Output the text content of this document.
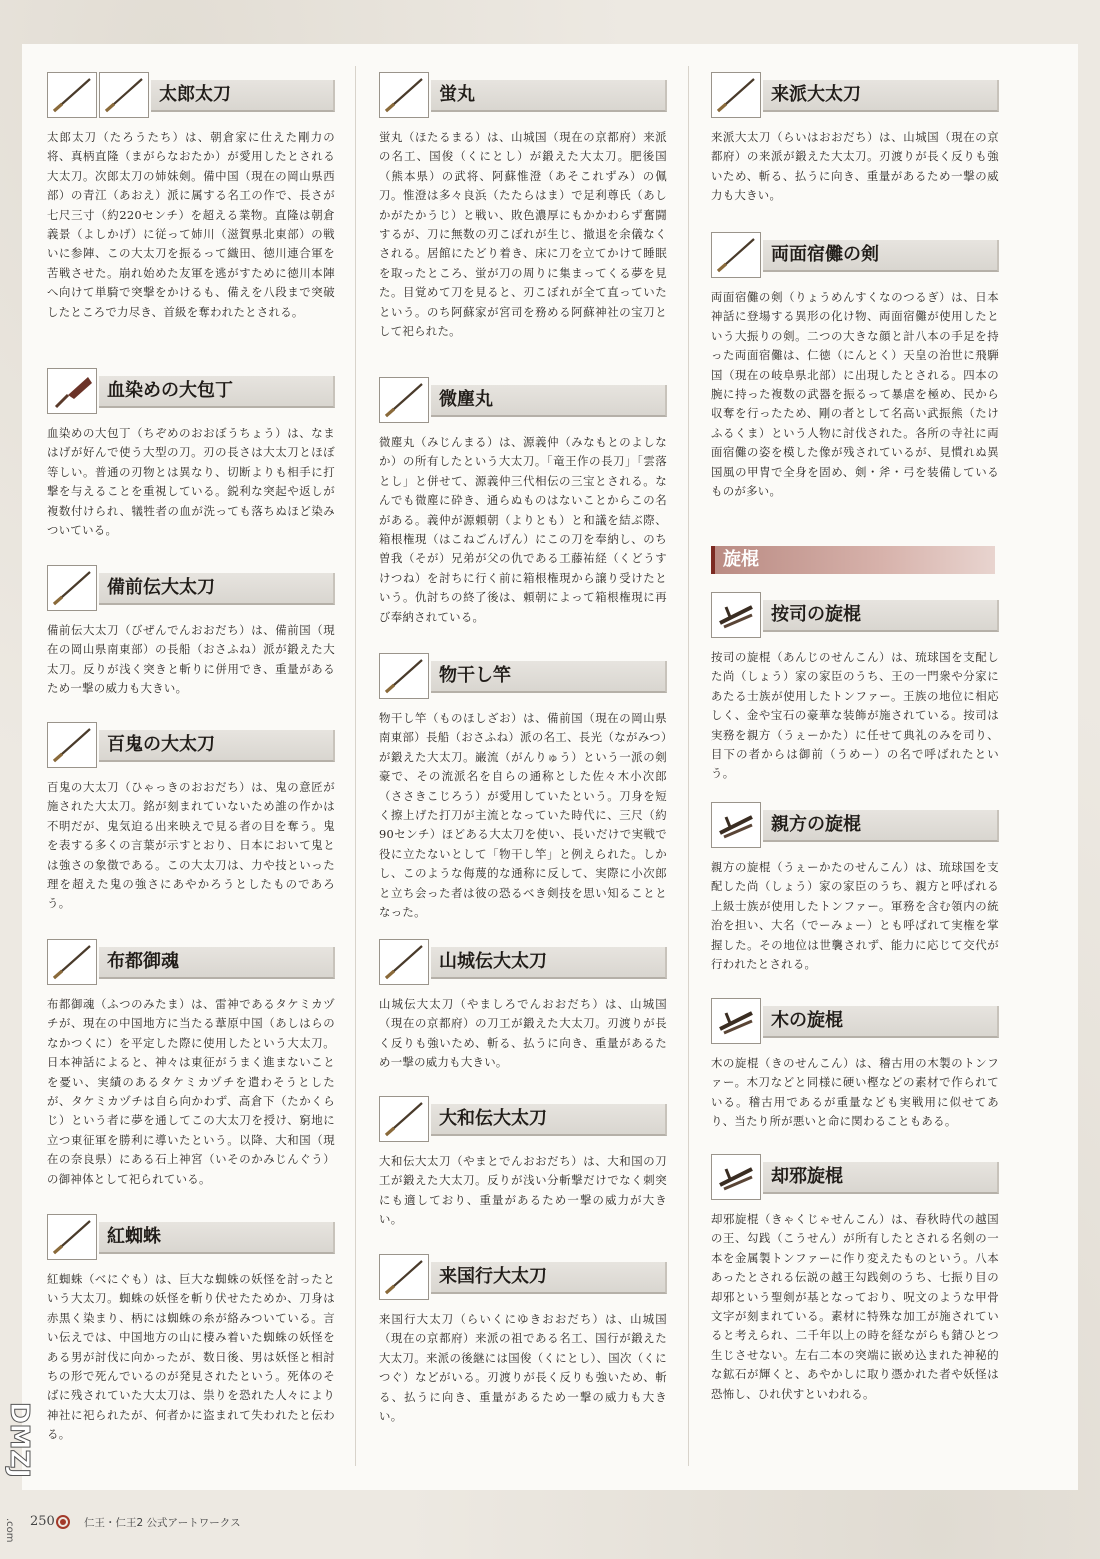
太郎太刀
太郎太刀（たろうたち）は、朝倉家に仕えた剛力の将、真柄直隆（まがらなおたか）が愛用したとされる大太刀。次郎太刀の姉妹剣。備中国（現在の岡山県西部）の青江（あおえ）派に属する名工の作で、長さが七尺三寸（約220センチ）を超える業物。直隆は朝倉義景（よしかげ）に従って姉川（滋賀県北東部）の戦いに参陣、この大太刀を振るって織田、徳川連合軍を苦戦させた。崩れ始めた友軍を逃がすために徳川本陣へ向けて単騎で突撃をかけるも、備えを八段まで突破したところで力尽き、首級を奪われたとされる。
血染めの大包丁
血染めの大包丁（ちぞめのおおぼうちょう）は、なまはげが好んで使う大型の刀。刃の長さは大太刀とほぼ等しい。普通の刃物とは異なり、切断よりも相手に打撃を与えることを重視している。鋭利な突起や返しが複数付けられ、犠牲者の血が洗っても落ちぬほど染みついている。
備前伝大太刀
備前伝大太刀（びぜんでんおおだち）は、備前国（現在の岡山県南東部）の長船（おさふね）派が鍛えた大太刀。反りが浅く突きと斬りに併用でき、重量があるため一撃の威力も大きい。
百鬼の大太刀
百鬼の大太刀（ひゃっきのおおだち）は、鬼の意匠が施された大太刀。銘が刻まれていないため誰の作かは不明だが、鬼気迫る出来映えで見る者の目を奪う。鬼を表する多くの言葉が示すとおり、日本において鬼とは強さの象徴である。この大太刀は、力や技といった理を超えた鬼の強さにあやかろうとしたものであろう。
布都御魂
布都御魂（ふつのみたま）は、雷神であるタケミカヅチが、現在の中国地方に当たる葦原中国（あしはらのなかつくに）を平定した際に使用したという大太刀。日本神話によると、神々は東征がうまく進まないことを憂い、実績のあるタケミカヅチを遣わそうとしたが、タケミカヅチは自ら向かわず、高倉下（たかくらじ）という者に夢を通してこの大太刀を授け、窮地に立つ東征軍を勝利に導いたという。以降、大和国（現在の奈良県）にある石上神宮（いそのかみじんぐう）の御神体として祀られている。
紅蜘蛛
紅蜘蛛（べにぐも）は、巨大な蜘蛛の妖怪を討ったという大太刀。蜘蛛の妖怪を斬り伏せたためか、刀身は赤黒く染まり、柄には蜘蛛の糸が絡みついている。言い伝えでは、中国地方の山に棲み着いた蜘蛛の妖怪をある男が討伐に向かったが、数日後、男は妖怪と相討ちの形で死んでいるのが発見されたという。死体のそばに残されていた大太刀は、祟りを恐れた人々により神社に祀られたが、何者かに盗まれて失われたと伝わる。
蛍丸
蛍丸（ほたるまる）は、山城国（現在の京都府）来派の名工、国俊（くにとし）が鍛えた大太刀。肥後国（熊本県）の武将、阿蘇惟澄（あそこれずみ）の佩刀。惟澄は多々良浜（たたらはま）で足利尊氏（あしかがたかうじ）と戦い、敗色濃厚にもかかわらず奮闘するが、刀に無数の刃こぼれが生じ、撤退を余儀なくされる。居館にたどり着き、床に刀を立てかけて睡眠を取ったところ、蛍が刀の周りに集まってくる夢を見た。目覚めて刀を見ると、刃こぼれが全て直っていたという。のち阿蘇家が宮司を務める阿蘇神社の宝刀として祀られた。
微塵丸
微塵丸（みじんまる）は、源義仲（みなもとのよしなか）の所有したという大太刀。「竜王作の長刀」「雲落とし」と併せて、源義仲三代相伝の三宝とされる。なんでも微塵に砕き、通らぬものはないことからこの名がある。義仲が源頼朝（よりとも）と和議を結ぶ際、箱根権現（はこねごんげん）にこの刀を奉納し、のち曽我（そが）兄弟が父の仇である工藤祐経（くどうすけつね）を討ちに行く前に箱根権現から譲り受けたという。仇討ちの終了後は、頼朝によって箱根権現に再び奉納されている。
物干し竿
物干し竿（ものほしざお）は、備前国（現在の岡山県南東部）長船（おさふね）派の名工、長光（ながみつ）が鍛えた大太刀。巌流（がんりゅう）という一派の剣豪で、その流派名を自らの通称とした佐々木小次郎（ささきこじろう）が愛用していたという。刀身を短く擦上げた打刀が主流となっていた時代に、三尺（約90センチ）ほどある大太刀を使い、長いだけで実戦で役に立たないとして「物干し竿」と例えられた。しかし、このような侮蔑的な通称に反して、実際に小次郎と立ち会った者は彼の恐るべき剣技を思い知ることとなった。
山城伝大太刀
山城伝大太刀（やましろでんおおだち）は、山城国（現在の京都府）の刀工が鍛えた大太刀。刃渡りが長く反りも強いため、斬る、払うに向き、重量があるため一撃の威力も大きい。
大和伝大太刀
大和伝大太刀（やまとでんおおだち）は、大和国の刀工が鍛えた大太刀。反りが浅い分斬撃だけでなく刺突にも適しており、重量があるため一撃の威力が大きい。
来国行大太刀
来国行大太刀（らいくにゆきおおだち）は、山城国（現在の京都府）来派の祖である名工、国行が鍛えた大太刀。来派の後継には国俊（くにとし）、国次（くにつぐ）などがいる。刃渡りが長く反りも強いため、斬る、払うに向き、重量があるため一撃の威力も大きい。
旋棍
来派大太刀
来派大太刀（らいはおおだち）は、山城国（現在の京都府）の来派が鍛えた大太刀。刃渡りが長く反りも強いため、斬る、払うに向き、重量があるため一撃の威力も大きい。
両面宿儺の剣
両面宿儺の剣（りょうめんすくなのつるぎ）は、日本神話に登場する異形の化け物、両面宿儺が使用したという大振りの剣。二つの大きな顔と計八本の手足を持った両面宿儺は、仁徳（にんとく）天皇の治世に飛騨国（現在の岐阜県北部）に出現したとされる。四本の腕に持った複数の武器を振るって暴虐を極め、民から収奪を行ったため、剛の者として名高い武振熊（たけふるくま）という人物に討伐された。各所の寺社に両面宿儺の姿を模した像が残されているが、見慣れぬ異国風の甲冑で全身を固め、剣・斧・弓を装備しているものが多い。
按司の旋棍
按司の旋棍（あんじのせんこん）は、琉球国を支配した尚（しょう）家の家臣のうち、王の一門衆や分家にあたる士族が使用したトンファー。王族の地位に相応しく、金や宝石の豪華な装飾が施されている。按司は実務を親方（うぇーかた）に任せて典礼のみを司り、目下の者からは御前（うめー）の名で呼ばれたという。
親方の旋棍
親方の旋棍（うぇーかたのせんこん）は、琉球国を支配した尚（しょう）家の家臣のうち、親方と呼ばれる上級士族が使用したトンファー。軍務を含む領内の統治を担い、大名（でーみょー）とも呼ばれて実権を掌握した。その地位は世襲されず、能力に応じて交代が行われたとされる。
木の旋棍
木の旋棍（きのせんこん）は、稽古用の木製のトンファー。木刀などと同様に硬い樫などの素材で作られている。稽古用であるが重量なども実戦用に似せてあり、当たり所が悪いと命に関わることもある。
却邪旋棍
却邪旋棍（きゃくじゃせんこん）は、春秋時代の越国の王、勾践（こうせん）が所有したとされる名剣の一本を金属製トンファーに作り変えたものという。八本あったとされる伝説の越王勾践剣のうち、七振り目の却邪という聖剣が基となっており、呪文のような甲骨文字が刻まれている。素材に特殊な加工が施されていると考えられ、二千年以上の時を経ながらも錆ひとつ生じさせない。左右二本の突端に嵌め込まれた神秘的な鉱石が輝くと、あやかしに取り憑かれた者や妖怪は恐怖し、ひれ伏すといわれる。
DMZJ
.com 250	仁王・仁王2 公式アートワークス
